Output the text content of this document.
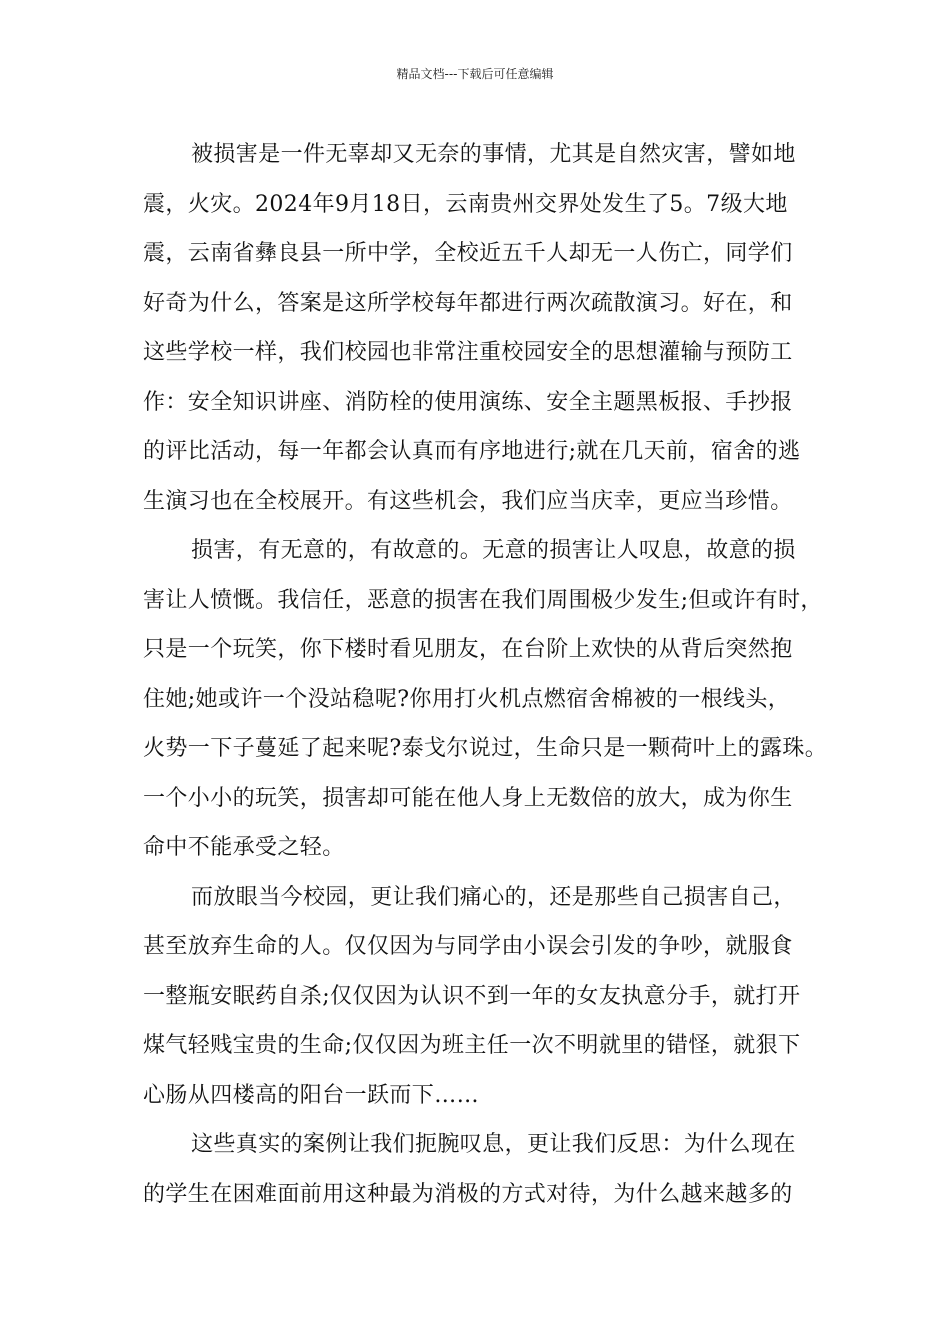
精品文档---下载后可任意编辑
被损害是一件无辜却又无奈的事情，尤其是自然灾害，譬如地
震，火灾。2024年9月18日，云南贵州交界处发生了5。7级大地
震，云南省彝良县一所中学，全校近五千人却无一人伤亡，同学们
好奇为什么，答案是这所学校每年都进行两次疏散演习。好在，和
这些学校一样，我们校园也非常注重校园安全的思想灌输与预防工
作：安全知识讲座、消防栓的使用演练、安全主题黑板报、手抄报
的评比活动，每一年都会认真而有序地进行;就在几天前，宿舍的逃
生演习也在全校展开。有这些机会，我们应当庆幸，更应当珍惜。
损害，有无意的，有故意的。无意的损害让人叹息，故意的损
害让人愤慨。我信任，恶意的损害在我们周围极少发生;但或许有时，
只是一个玩笑，你下楼时看见朋友，在台阶上欢快的从背后突然抱
住她;她或许一个没站稳呢?你用打火机点燃宿舍棉被的一根线头，
火势一下子蔓延了起来呢?泰戈尔说过，生命只是一颗荷叶上的露珠。
一个小小的玩笑，损害却可能在他人身上无数倍的放大，成为你生
命中不能承受之轻。
而放眼当今校园，更让我们痛心的，还是那些自己损害自己，
甚至放弃生命的人。仅仅因为与同学由小误会引发的争吵，就服食
一整瓶安眠药自杀;仅仅因为认识不到一年的女友执意分手，就打开
煤气轻贱宝贵的生命;仅仅因为班主任一次不明就里的错怪，就狠下
心肠从四楼高的阳台一跃而下……
这些真实的案例让我们扼腕叹息，更让我们反思：为什么现在
的学生在困难面前用这种最为消极的方式对待，为什么越来越多的
